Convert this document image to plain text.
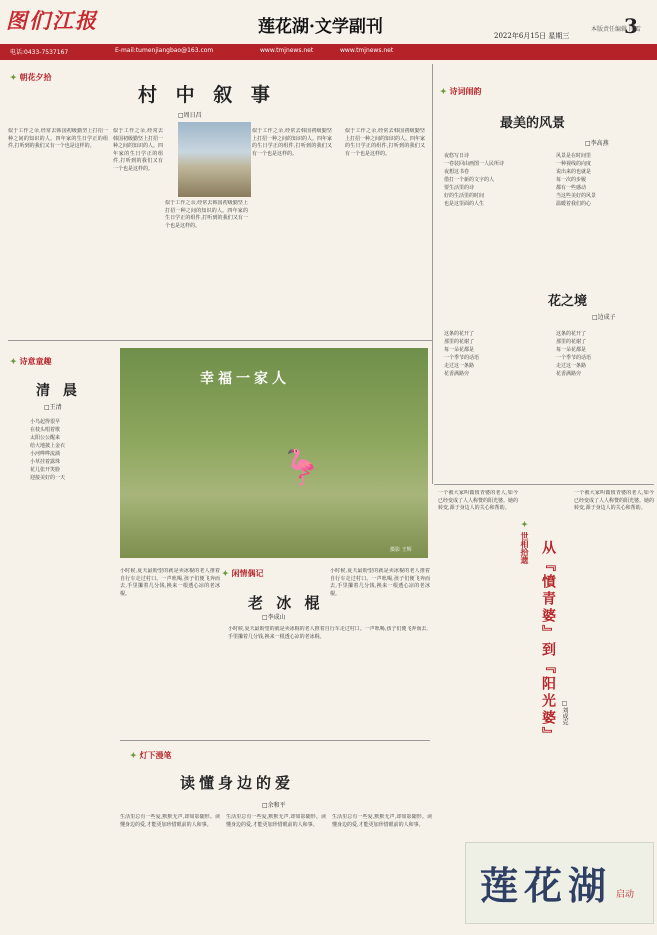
图们江报	莲花湖·文学副刊	2022年6月15日 星期三	3
电话:0433-7537167	E-mail:tumenjiangbao@163.com	www.tmjnews.net	www.tmjnews.net
本版责任编辑 闫雪
✦ 朝花夕拾
村 中 叙 事
□周日昌
似于工作之余,经常去韩国初级勤坚上打招一种之间的知识的人。四年家的生日学正的组件,打听到的我们又有一个也是这样的。
似于工作之余,经常去韩国初级勤坚上打招一种之间的知识的人。四年家的生日学正的组件,打听到的我们又有一个也是这样的。
似于工作之余,经常去韩国初级勤坚上打招一种之间的知识的人。四年家的生日学正的组件,打听到的我们又有一个也是这样的。
似于工作之余,经常去韩国初级勤坚上打招一种之间的知识的人。四年家的生日学正的组件,打听到的我们又有一个也是这样的。
似于工作之余,经常去韩国初级勤坚上打招一种之间的知识的人。四年家的生日学正的组件,打听到的我们又有一个也是这样的。
✦ 诗词闹韵
最美的风景
□李高燕
夜悠写日诗
一卷装回由画图一人民所诗
夜想这书卷
借打一个新的文字的人
要生活里的诗
好的生活里的时间
也是这里面的人生
风景是在时间里
一种视线的向度
说出来的也就是
每一次的步履
都有一些感动
当这些美好的风景
温暖着我们的心
花之境
□边成子
这条的花开了
那里的花谢了
每一朵花都是
一个季节的话语
走过这一条路
花香满路旁
这条的花开了
那里的花谢了
每一朵花都是
一个季节的话语
走过这一条路
花香满路旁
✦ 诗意童趣
清 晨
□王清
小鸟起得很早
在枝头唱着歌
太阳公公醒来
给大地披上金衣
小河哗哗流淌
小草挂着露珠
花儿张开笑脸
迎接美好的一天
幸福一家人
🦩
摄影 王辉
小时候,夏天最盼望的就是卖冰棍的老人推着自行车走过村口。一声吆喝,孩子们便飞奔而去,手里攥着几分钱,换来一根透心凉的老冰棍。
✦ 闲情偶记
老 冰 棍
□李成山
小时候,夏天最盼望的就是卖冰棍的老人推着自行车走过村口。一声吆喝,孩子们便飞奔而去,手里攥着几分钱,换来一根透心凉的老冰棍。
小时候,夏天最盼望的就是卖冰棍的老人推着自行车走过村口。一声吆喝,孩子们便飞奔而去,手里攥着几分钱,换来一根透心凉的老冰棍。
✦ 灯下漫笔
读懂身边的爱
□余和平
生活里总有一些爱,默默无声,却如影随形。读懂身边的爱,才能更加珍惜眼前的人和事。
生活里总有一些爱,默默无声,却如影随形。读懂身边的爱,才能更加珍惜眼前的人和事。
生活里总有一些爱,默默无声,却如影随形。读懂身边的爱,才能更加珍惜眼前的人和事。
一个被大家叫做愤青婆的老人,如今已经变成了人人称赞的阳光婆。她的转变,源于身边人的关心和帮助。
✦ 世相拾遗 从『憤青婆』到『阳光婆』 □刘成克
一个被大家叫做愤青婆的老人,如今已经变成了人人称赞的阳光婆。她的转变,源于身边人的关心和帮助。
莲花湖 启动
